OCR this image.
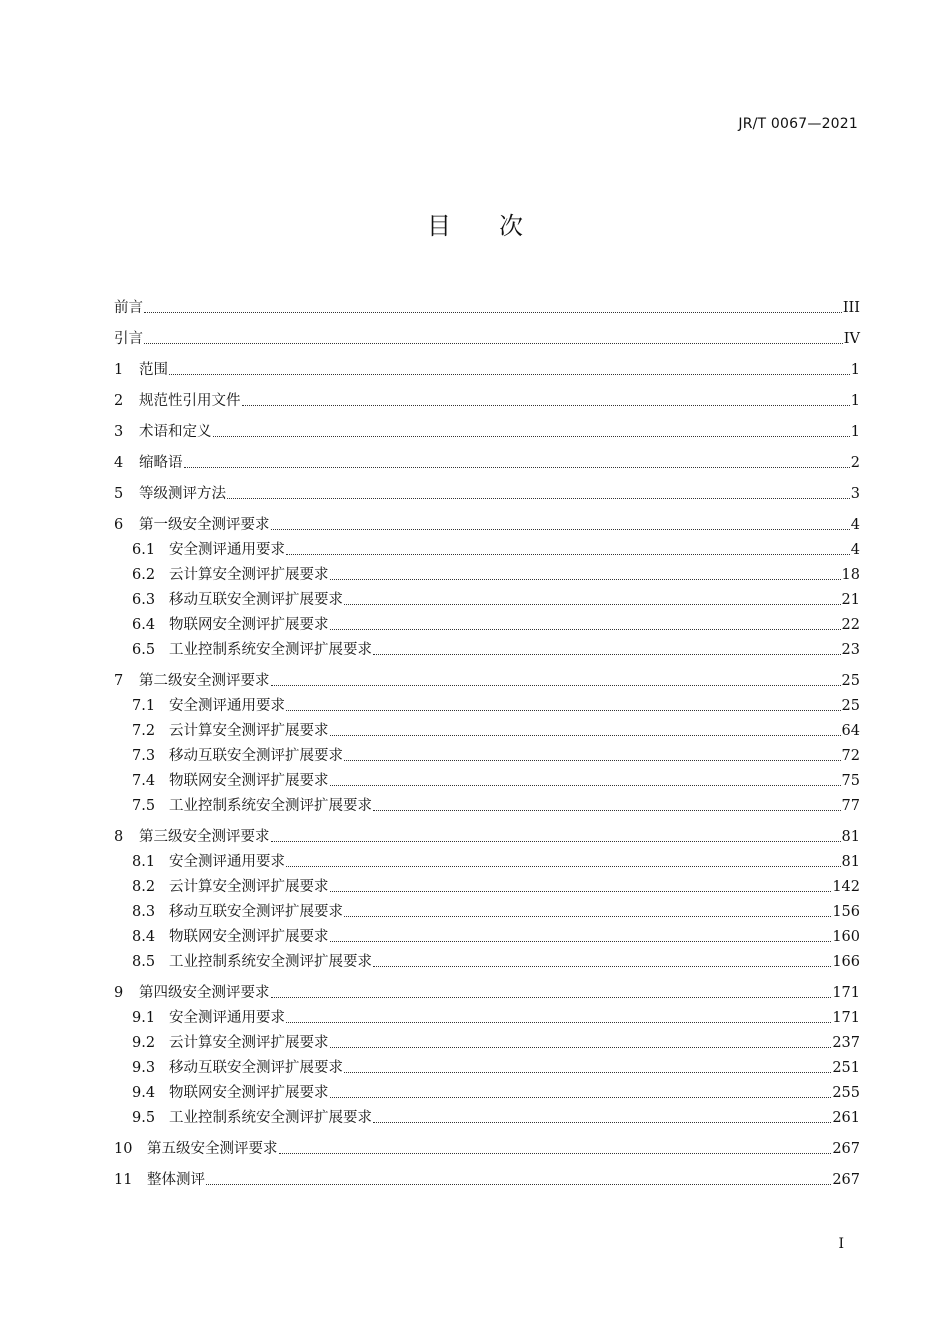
JR/T 0067—2021
目 次
前言	III
引言	IV
1	范围	1
2	规范性引用文件	1
3	术语和定义	1
4	缩略语	2
5	等级测评方法	3
6	第一级安全测评要求	4
6.1 安全测评通用要求	4
6.2 云计算安全测评扩展要求	18
6.3 移动互联安全测评扩展要求	21
6.4 物联网安全测评扩展要求	22
6.5 工业控制系统安全测评扩展要求	23
7	第二级安全测评要求	25
7.1 安全测评通用要求	25
7.2 云计算安全测评扩展要求	64
7.3 移动互联安全测评扩展要求	72
7.4 物联网安全测评扩展要求	75
7.5 工业控制系统安全测评扩展要求	77
8	第三级安全测评要求	81
8.1 安全测评通用要求	81
8.2 云计算安全测评扩展要求	142
8.3 移动互联安全测评扩展要求	156
8.4 物联网安全测评扩展要求	160
8.5 工业控制系统安全测评扩展要求	166
9	第四级安全测评要求	171
9.1 安全测评通用要求	171
9.2 云计算安全测评扩展要求	237
9.3 移动互联安全测评扩展要求	251
9.4 物联网安全测评扩展要求	255
9.5 工业控制系统安全测评扩展要求	261
10	第五级安全测评要求	267
11	整体测评	267
I
